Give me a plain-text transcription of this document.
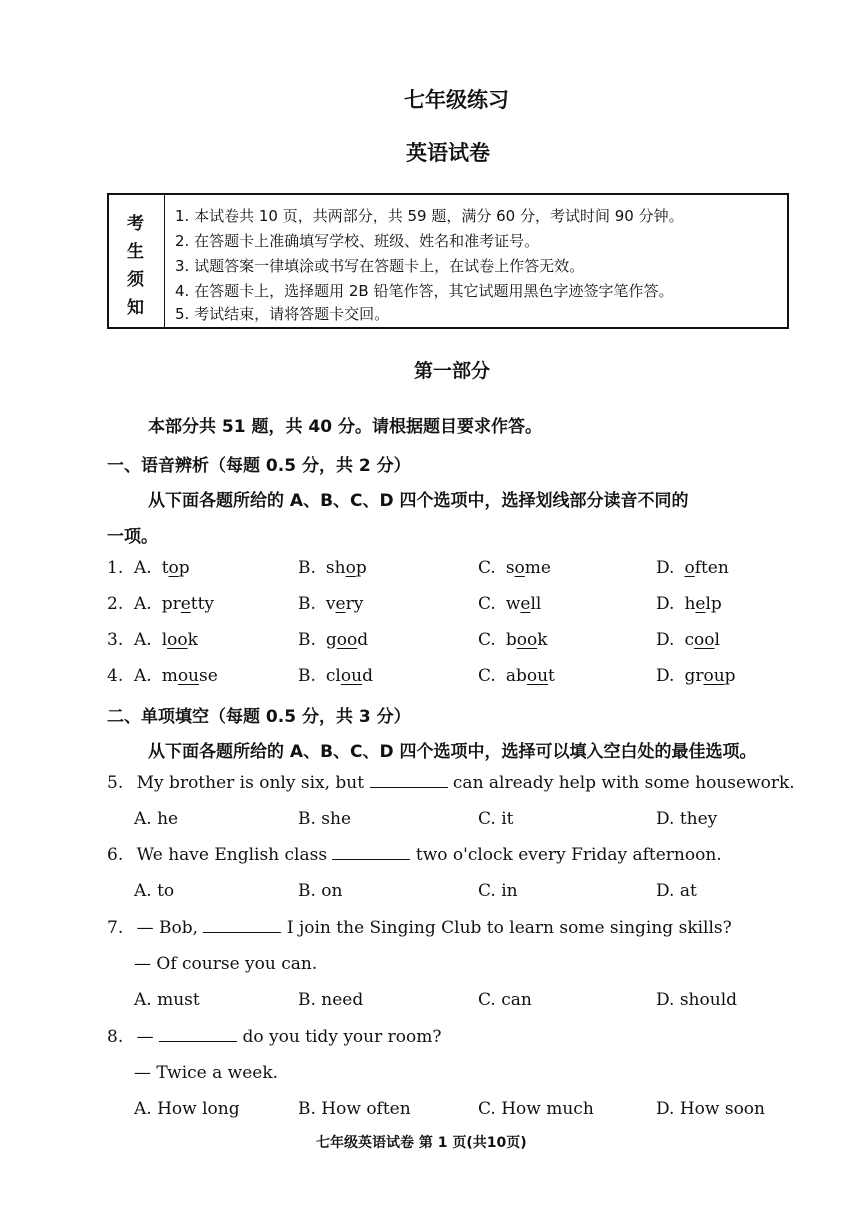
七年级练习
英语试卷
考
生
须
知
1. 本试卷共 10 页，共两部分，共 59 题，满分 60 分，考试时间 90 分钟。
2. 在答题卡上准确填写学校、班级、姓名和准考证号。
3. 试题答案一律填涂或书写在答题卡上，在试卷上作答无效。
4. 在答题卡上，选择题用 2B 铅笔作答，其它试题用黑色字迹签字笔作答。
5. 考试结束，请将答题卡交回。
第一部分
本部分共 51 题，共 40 分。请根据题目要求作答。
一、语音辨析（每题 0.5 分，共 2 分）
从下面各题所给的 A、B、C、D 四个选项中，选择划线部分读音不同的
一项。
1. A. top	B. shop	C. some	D. often
2. A. pretty	B. very	C. well	D. help
3. A. look	B. good	C. book	D. cool
4. A. mouse	B. cloud	C. about	D. group
二、单项填空（每题 0.5 分，共 3 分）
从下面各题所给的 A、B、C、D 四个选项中，选择可以填入空白处的最佳选项。
5. My brother is only six, but	can already help with some housework.
A. he	B. she	C. it	D. they
6. We have English class	two o'clock every Friday afternoon.
A. to	B. on	C. in	D. at
7. — Bob,	I join the Singing Club to learn some singing skills?
— Of course you can.
A. must	B. need	C. can	D. should
8. —	do you tidy your room?
— Twice a week.
A. How long	B. How often	C. How much	D. How soon
七年级英语试卷 第 1 页(共10页)
